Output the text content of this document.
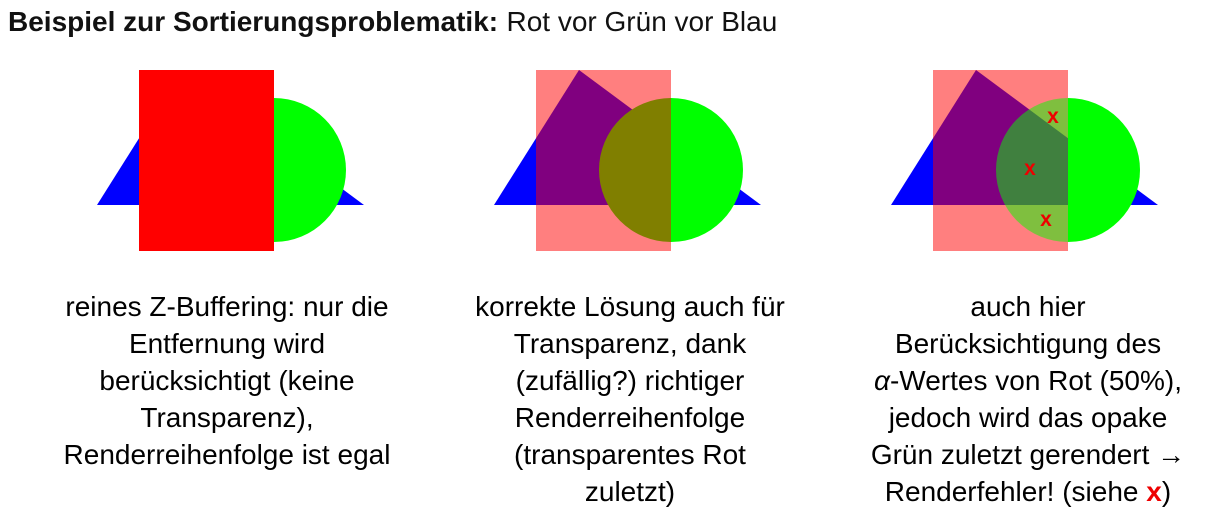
Beispiel zur Sortierungsproblematik: Rot vor Grün vor Blau
x
x
x
reines Z-Buffering: nur die
Entfernung wird
berücksichtigt (keine
Transparenz),
Renderreihenfolge ist egal
korrekte Lösung auch für
Transparenz, dank
(zufällig?) richtiger
Renderreihenfolge
(transparentes Rot
zuletzt)
auch hier
Berücksichtigung des
α-Wertes von Rot (50%),
jedoch wird das opake
Grün zuletzt gerendert →
Renderfehler! (siehe x)
